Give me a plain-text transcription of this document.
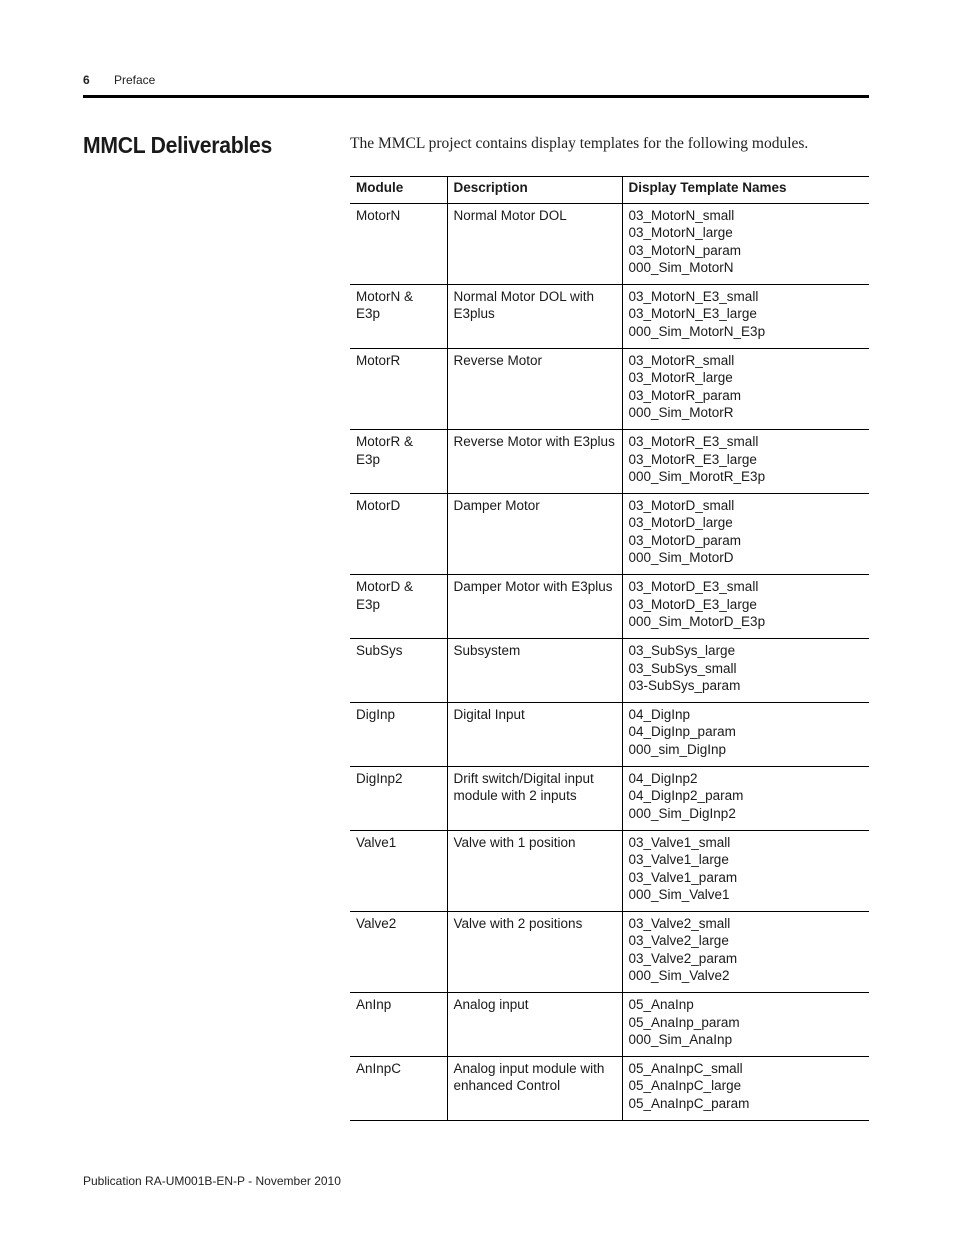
6 Preface
MMCL Deliverables	The MMCL project contains display templates for the following modules.

Module	Description	Display Template Names
MotorN	Normal Motor DOL	03_MotorN_small
03_MotorN_large
03_MotorN_param
000_Sim_MotorN

MotorN & E3p	Normal Motor DOL with E3plus	03_MotorN_E3_small
03_MotorN_E3_large
000_Sim_MotorN_E3p

MotorR	Reverse Motor	03_MotorR_small
03_MotorR_large
03_MotorR_param
000_Sim_MotorR

MotorR & E3p	Reverse Motor with E3plus	03_MotorR_E3_small
03_MotorR_E3_large
000_Sim_MorotR_E3p

MotorD	Damper Motor	03_MotorD_small
03_MotorD_large
03_MotorD_param
000_Sim_MotorD

MotorD & E3p	Damper Motor with E3plus	03_MotorD_E3_small
03_MotorD_E3_large
000_Sim_MotorD_E3p

SubSys	Subsystem	03_SubSys_large
03_SubSys_small
03-SubSys_param

DigInp	Digital Input	04_DigInp
04_DigInp_param
000_sim_DigInp

DigInp2	Drift switch/Digital input module with 2 inputs	04_DigInp2
04_DigInp2_param
000_Sim_DigInp2

Valve1	Valve with 1 position	03_Valve1_small
03_Valve1_large
03_Valve1_param
000_Sim_Valve1

Valve2	Valve with 2 positions	03_Valve2_small
03_Valve2_large
03_Valve2_param
000_Sim_Valve2

AnInp	Analog input	05_AnaInp
05_AnaInp_param
000_Sim_AnaInp

AnInpC	Analog input module with enhanced Control	05_AnaInpC_small
05_AnaInpC_large
05_AnaInpC_param
Publication RA-UM001B-EN-P - November 2010
